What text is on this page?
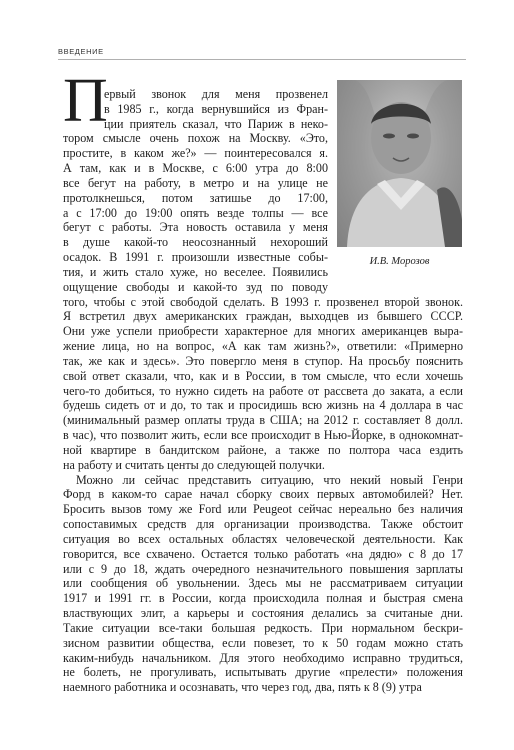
ВВЕДЕНИЕ
И.В. Морозов
П
ервый звонок для меня прозвенел
в 1985 г., когда вернувшийся из Фран-
ции приятель сказал, что Париж в неко-
тором смысле очень похож на Москву. «Это,
простите, в каком же?» — поинтересовался я.
А там, как и в Москве, с 6:00 утра до 8:00
все бегут на работу, в метро и на улице не
протолкнешься, потом затишье до 17:00,
а с 17:00 до 19:00 опять везде толпы — все
бегут с работы. Эта новость оставила у меня
в душе какой-то неосознанный нехороший
осадок. В 1991 г. произошли известные собы-
тия, и жить стало хуже, но веселее. Появились
ощущение свободы и какой-то зуд по поводу
того, чтобы с этой свободой сделать. В 1993 г. прозвенел второй звонок.
Я встретил двух американских граждан, выходцев из бывшего СССР.
Они уже успели приобрести характерное для многих американцев выра-
жение лица, но на вопрос, «А как там жизнь?», ответили: «Примерно
так, же как и здесь». Это повергло меня в ступор. На просьбу пояснить
свой ответ сказали, что, как и в России, в том смысле, что если хочешь
чего-то добиться, то нужно сидеть на работе от рассвета до заката, а если
будешь сидеть от и до, то так и просидишь всю жизнь на 4 доллара в час
(минимальный размер оплаты труда в США; на 2012 г. составляет 8 долл.
в час), что позволит жить, если все происходит в Нью-Йорке, в однокомнат-
ной квартире в бандитском районе, а также по полтора часа ездить
на работу и считать центы до следующей получки.
Можно ли сейчас представить ситуацию, что некий новый Генри
Форд в каком-то сарае начал сборку своих первых автомобилей? Нет.
Бросить вызов тому же Ford или Peugeot сейчас нереально без наличия
сопоставимых средств для организации производства. Также обстоит
ситуация во всех остальных областях человеческой деятельности. Как
говорится, все схвачено. Остается только работать «на дядю» с 8 до 17
или с 9 до 18, ждать очередного незначительного повышения зарплаты
или сообщения об увольнении. Здесь мы не рассматриваем ситуации
1917 и 1991 гг. в России, когда происходила полная и быстрая смена
властвующих элит, а карьеры и состояния делались за считаные дни.
Такие ситуации все-таки большая редкость. При нормальном бескри-
зисном развитии общества, если повезет, то к 50 годам можно стать
каким-нибудь начальником. Для этого необходимо исправно трудиться,
не болеть, не прогуливать, испытывать другие «прелести» положения
наемного работника и осознавать, что через год, два, пять к 8 (9) утра
